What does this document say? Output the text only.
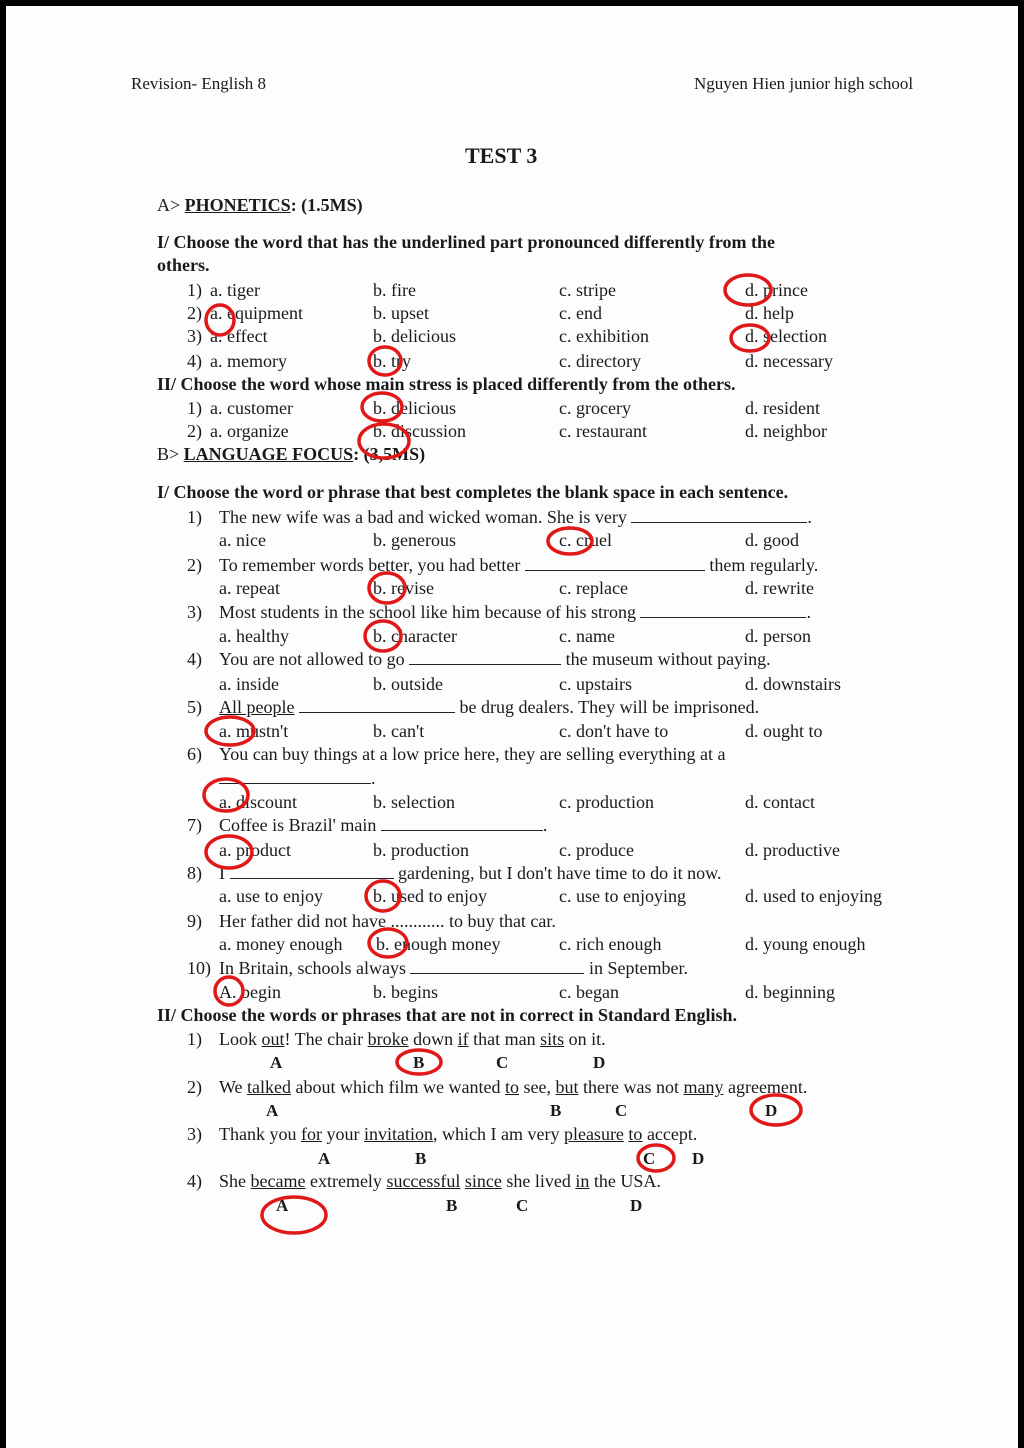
Revision- English 8	Nguyen Hien junior high school
TEST 3
A> PHONETICS: (1.5MS)
I/ Choose the word that has the underlined part pronounced differently from the
others.
1) a. tiger	b. fire	c. stripe	d. prince
2) a. equipment	b. upset	c. end	d. help
3) a. effect	b. delicious	c. exhibition	d. selection
4) a. memory	b. try	c. directory	d. necessary
II/ Choose the word whose main stress is placed differently from the others.
1) a. customer	b. delicious	c. grocery	d. resident
2) a. organize	b. discussion	c. restaurant	d. neighbor
B> LANGUAGE FOCUS: (3,5MS)
I/ Choose the word or phrase that best completes the blank space in each sentence.
1) The new wife was a bad and wicked woman. She is very	.
a. nice	b. generous	c. cruel	d. good
2) To remember words better, you had better	them regularly.
a. repeat	b. revise	c. replace	d. rewrite
3) Most students in the school like him because of his strong	.
a. healthy	b. character	c. name	d. person
4) You are not allowed to go	the museum without paying.
a. inside	b. outside	c. upstairs	d. downstairs
5) All people	be drug dealers. They will be imprisoned.
a. mustn't	b. can't	c. don't have to	d. ought to
6) You can buy things at a low price here, they are selling everything at a
.
a. discount	b. selection	c. production	d. contact
7) Coffee is Brazil' main	.
a. product	b. production	c. produce	d. productive
8) I	gardening, but I don't have time to do it now.
a. use to enjoy	b. used to enjoy	c. use to enjoying	d. used to enjoying
9) Her father did not have ............ to buy that car.
a. money enough b. enough money	c. rich enough	d. young enough
10) In Britain, schools always	in September.
A. begin	b. begins	c. began	d. beginning
II/ Choose the words or phrases that are not in correct in Standard English.
1) Look out! The chair broke down if that man sits on it.
A	B	C	D
2) We talked about which film we wanted to see, but there was not many agreement.
A	B	C	D
3) Thank you for your invitation, which I am very pleasure to accept.
A	B	C D
4) She became extremely successful since she lived in the USA.
A	B	C	D
